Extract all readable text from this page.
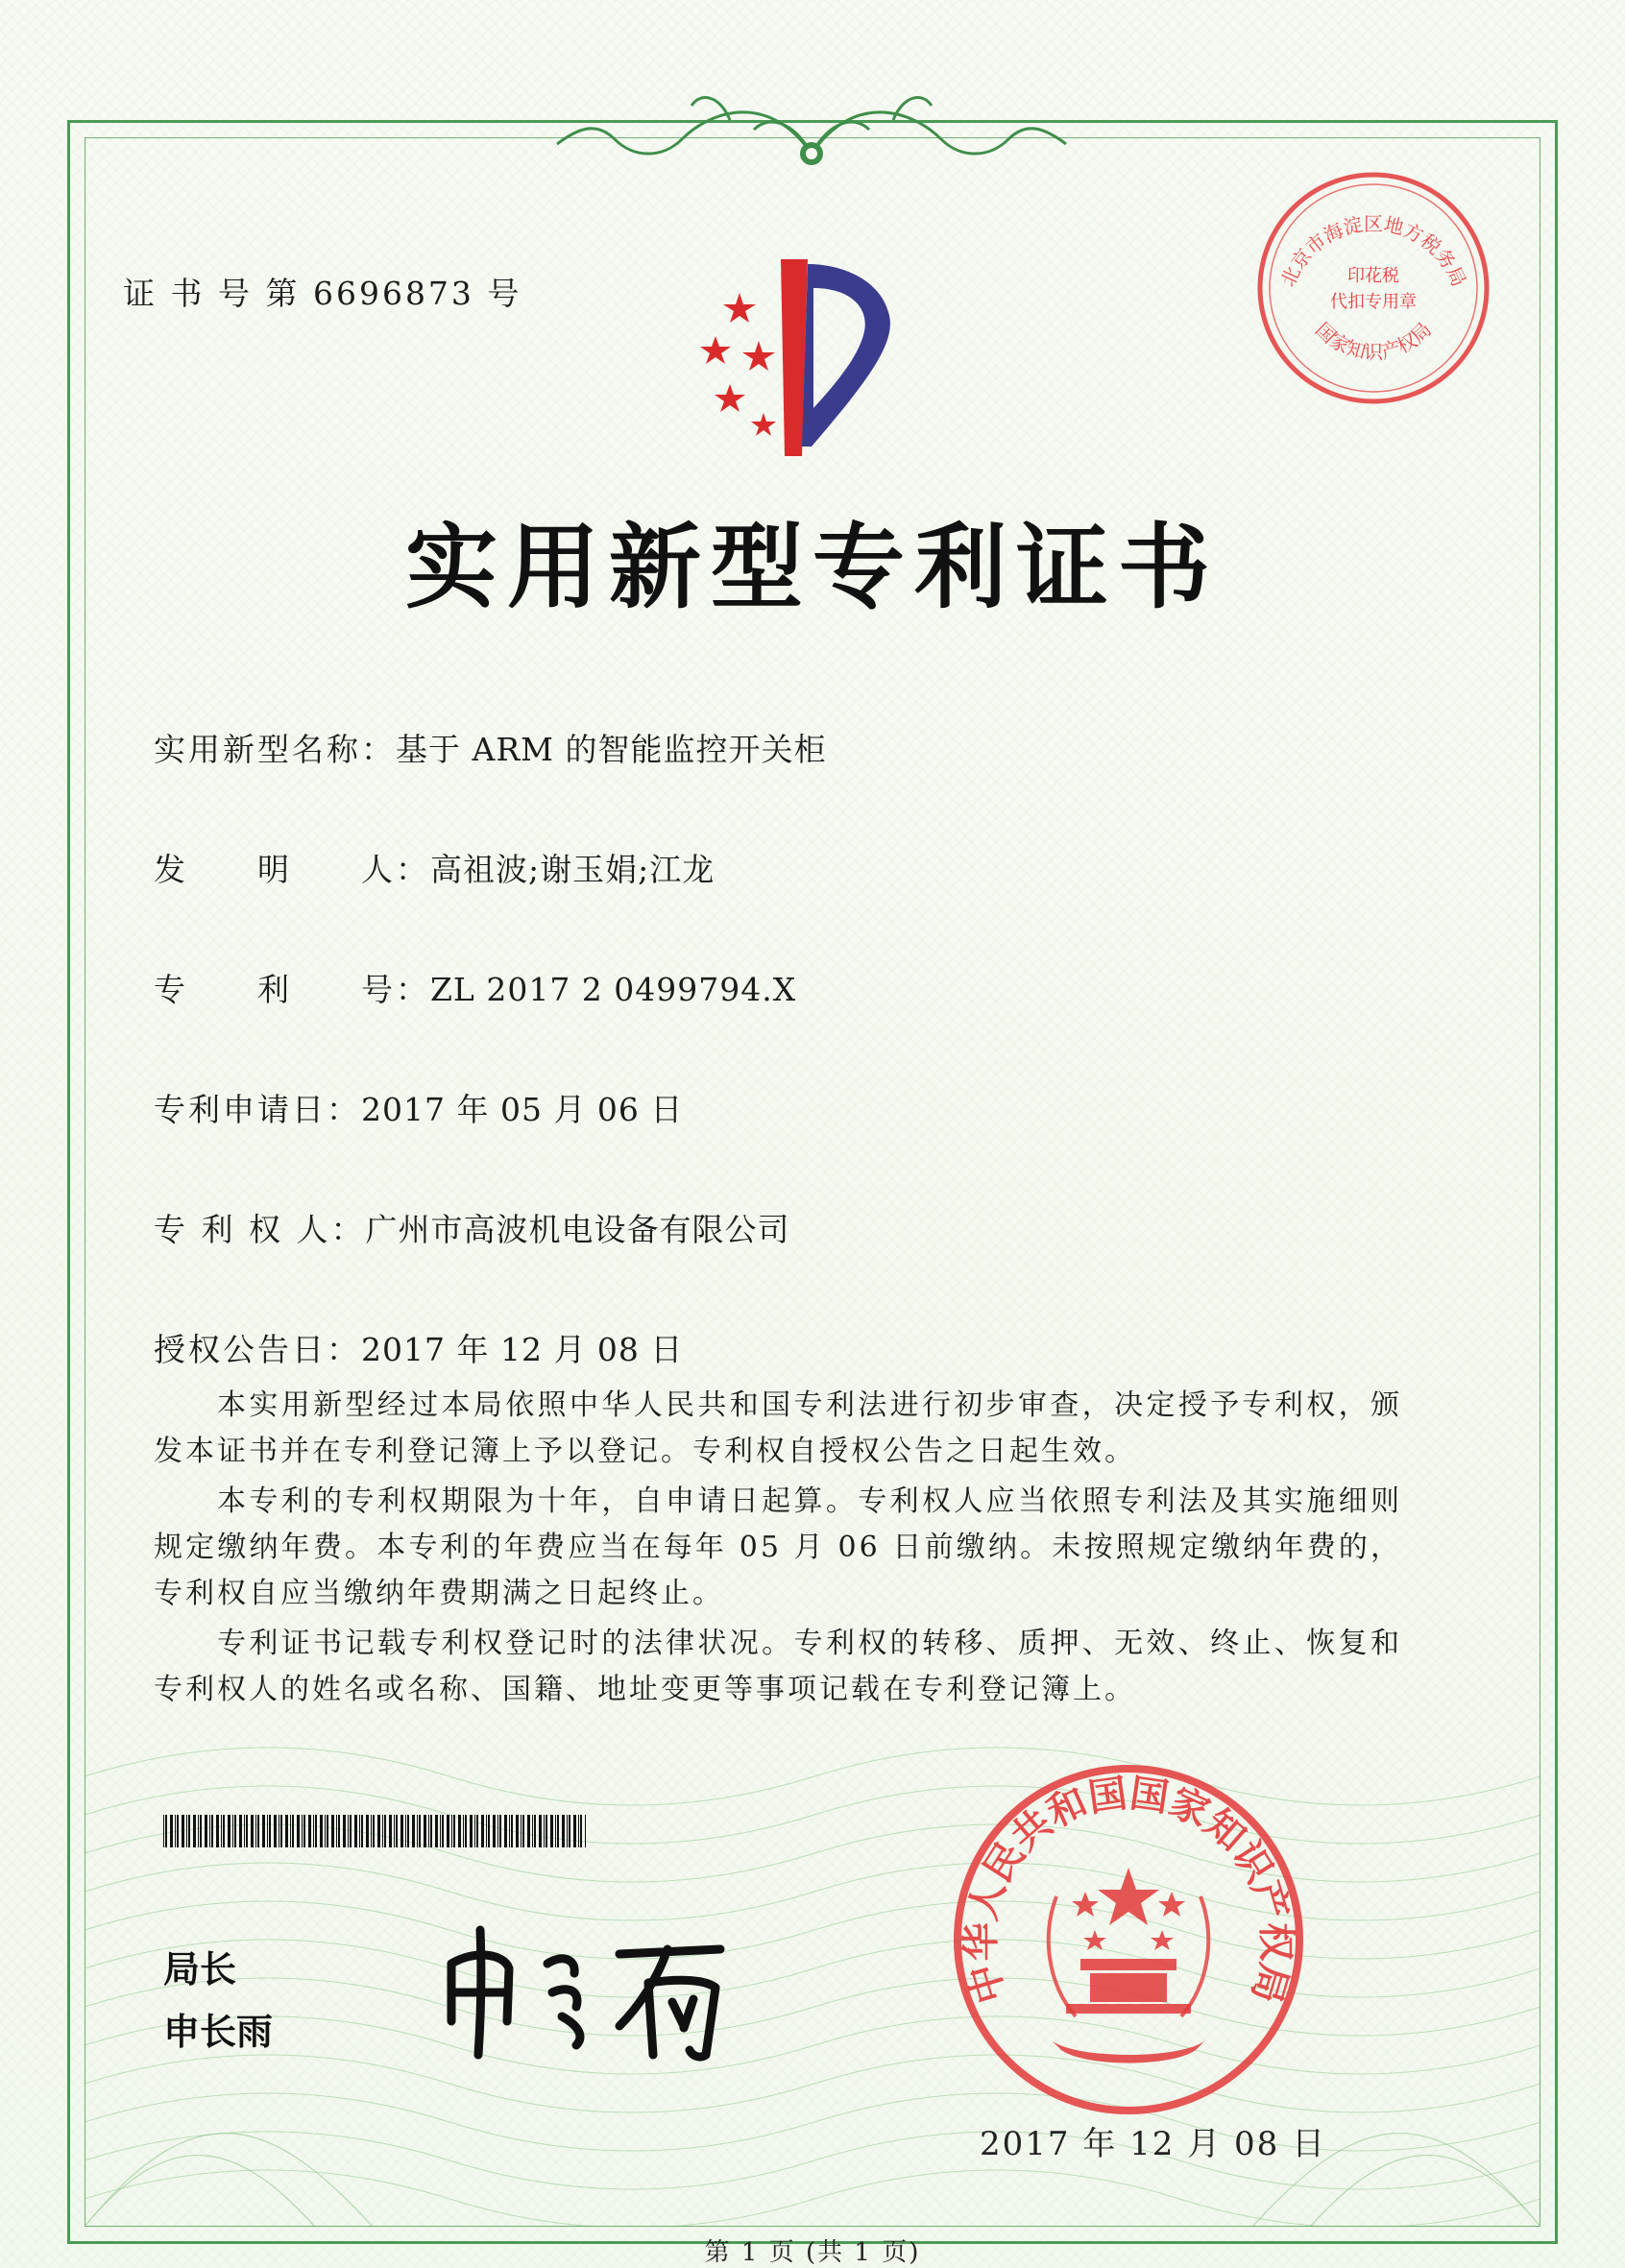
证 书 号 第 6696873 号	北京市海淀区地方税务局
国家知识产权局
印花税
代扣专用章
实用新型专利证书
实用新型名称：基于 ARM 的智能监控开关柜
发　　明　　人：高祖波;谢玉娟;江龙
专　　利　　号：ZL 2017 2 0499794.X
专利申请日：2017 年 05 月 06 日
专 利 权 人：广州市高波机电设备有限公司
授权公告日：2017 年 12 月 08 日

本实用新型经过本局依照中华人民共和国专利法进行初步审查，决定授予专利权，颁发本证书并在专利登记簿上予以登记。专利权自授权公告之日起生效。

本专利的专利权期限为十年，自申请日起算。专利权人应当依照专利法及其实施细则规定缴纳年费。本专利的年费应当在每年 05 月 06 日前缴纳。未按照规定缴纳年费的，专利权自应当缴纳年费期满之日起终止。

专利证书记载专利权登记时的法律状况。专利权的转移、质押、无效、终止、恢复和专利权人的姓名或名称、国籍、地址变更等事项记载在专利登记簿上。

局长
申长雨
中华人民共和国国家知识产权局
2017 年 12 月 08 日
第 1 页 (共 1 页)
